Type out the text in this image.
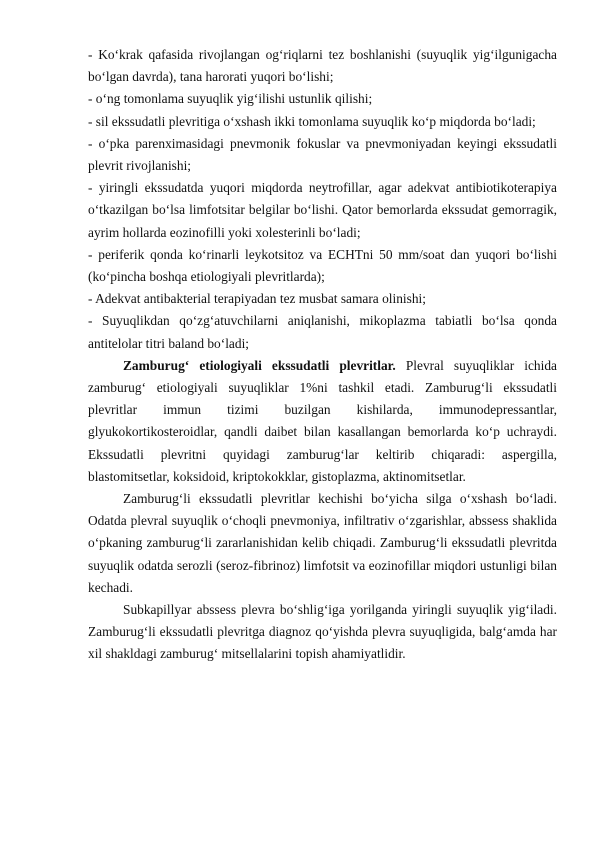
- Ko‘krak qafasida rivojlangan og‘riqlarni tez boshlanishi (suyuqlik yig‘ilgunigacha bo‘lgan davrda), tana harorati yuqori bo‘lishi;

- o‘ng tomonlama suyuqlik yig‘ilishi ustunlik qilishi;

- sil ekssudatli plevritiga o‘xshash ikki tomonlama suyuqlik ko‘p miqdorda bo‘ladi;

- o‘pka parenximasidagi pnevmonik fokuslar va pnevmoniyadan keyingi ekssudatli plevrit rivojlanishi;

- yiringli ekssudatda yuqori miqdorda neytrofillar, agar adekvat antibiotikoterapiya o‘tkazilgan bo‘lsa limfotsitar belgilar bo‘lishi. Qator bemorlarda ekssudat gemorragik, ayrim hollarda eozinofilli yoki xolesterinli bo‘ladi;

- periferik qonda ko‘rinarli leykotsitoz va ECHTni 50 mm/soat dan yuqori bo‘lishi (ko‘pincha boshqa etiologiyali plevritlarda);

- Adekvat antibakterial terapiyadan tez musbat samara olinishi;

- Suyuqlikdan qo‘zg‘atuvchilarni aniqlanishi, mikoplazma tabiatli bo‘lsa qonda antitelolar titri baland bo‘ladi;

Zamburug‘ etiologiyali ekssudatli plevritlar. Plevral suyuqliklar ichida zamburug‘ etiologiyali suyuqliklar 1%ni tashkil etadi. Zamburug‘li ekssudatli plevritlar immun tizimi buzilgan kishilarda, immunodepressantlar, glyukokortikosteroidlar, qandli daibet bilan kasallangan bemorlarda ko‘p uchraydi. Ekssudatli plevritni quyidagi zamburug‘lar keltirib chiqaradi: aspergilla, blastomitsetlar, koksidoid, kriptokokklar, gistoplazma, aktinomitsetlar.

Zamburug‘li ekssudatli plevritlar kechishi bo‘yicha silga o‘xshash bo‘ladi. Odatda plevral suyuqlik o‘choqli pnevmoniya, infiltrativ o‘zgarishlar, abssess shaklida o‘pkaning zamburug‘li zararlanishidan kelib chiqadi. Zamburug‘li ekssudatli plevritda suyuqlik odatda serozli (seroz-fibrinoz) limfotsit va eozinofillar miqdori ustunligi bilan kechadi.

Subkapillyar abssess plevra bo‘shlig‘iga yorilganda yiringli suyuqlik yig‘iladi. Zamburug‘li ekssudatli plevritga diagnoz qo‘yishda plevra suyuqligida, balg‘amda har xil shakldagi zamburug‘ mitsellalarini topish ahamiyatlidir.
